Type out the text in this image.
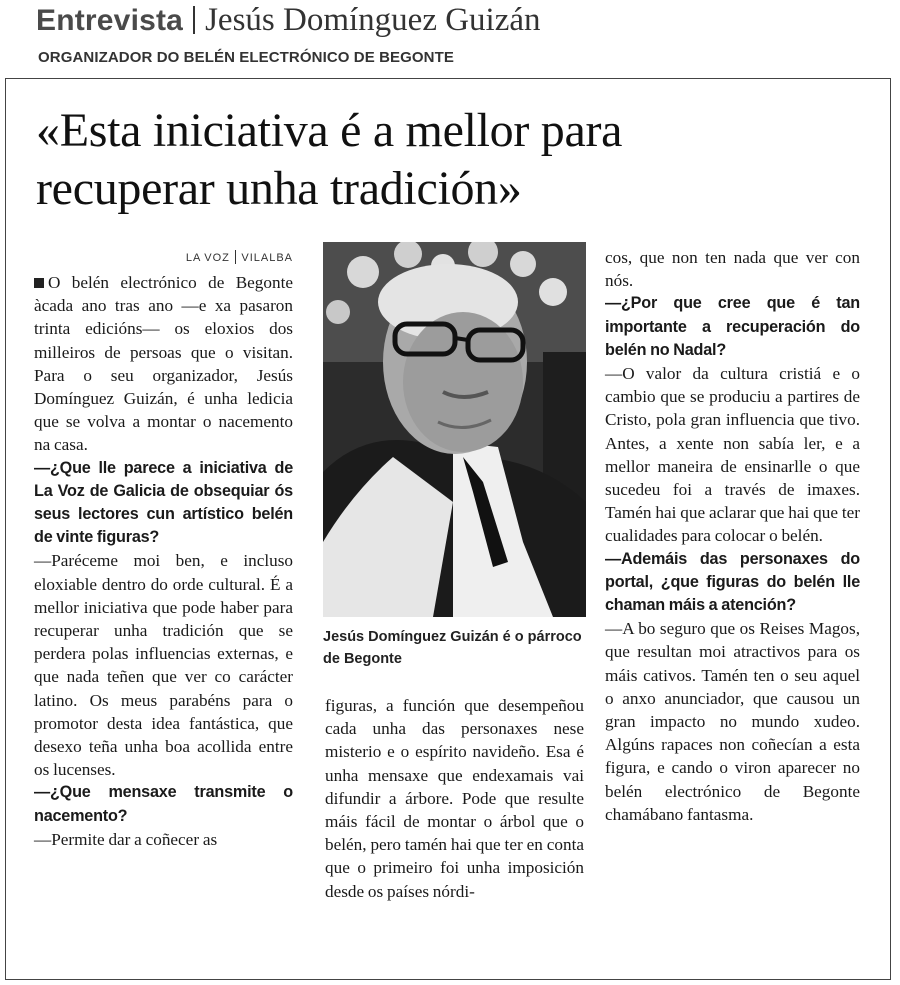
Entrevista Jesús Domínguez Guizán
ORGANIZADOR DO BELÉN ELECTRÓNICO DE BEGONTE
«Esta iniciativa é a mellor para
recuperar unha tradición»

LA VOZ VILALBA

O belén electrónico de Begonte àcada ano tras ano —e xa pasaron trinta edicións— os eloxios dos milleiros de persoas que o visitan. Para o seu organizador, Jesús Domínguez Guizán, é unha ledicia que se volva a montar o nacemento na casa.

—¿Que lle parece a iniciativa de La Voz de Galicia de obsequiar ós seus lectores cun artístico belén de vinte figuras?

—Paréceme moi ben, e incluso eloxiable dentro do orde cultural. É a mellor iniciativa que pode haber para recuperar unha tradición que se perdera polas influencias externas, e que nada teñen que ver co carácter latino. Os meus parabéns para o promotor desta idea fantástica, que desexo teña unha boa acollida entre os lucenses.

—¿Que mensaxe transmite o nacemento?

—Permite dar a coñecer as

Jesús Domínguez Guizán é o párroco de Begonte

figuras, a función que desempeñou cada unha das personaxes nese misterio e o espírito navideño. Esa é unha mensaxe que endexamais vai difundir a árbore. Pode que resulte máis fácil de montar o árbol que o belén, pero tamén hai que ter en conta que o primeiro foi unha imposición desde os países nórdi-

cos, que non ten nada que ver con nós.

—¿Por que cree que é tan importante a recuperación do belén no Nadal?

—O valor da cultura cristiá e o cambio que se produciu a partires de Cristo, pola gran influencia que tivo. Antes, a xente non sabía ler, e a mellor maneira de ensinarlle o que sucedeu foi a través de imaxes. Tamén hai que aclarar que hai que ter cualidades para colocar o belén.

—Ademáis das personaxes do portal, ¿que figuras do belén lle chaman máis a atención?

—A bo seguro que os Reises Magos, que resultan moi atractivos para os máis cativos. Tamén ten o seu aquel o anxo anunciador, que causou un gran impacto no mundo xudeo. Algúns rapaces non coñecían a esta figura, e cando o viron aparecer no belén electrónico de Begonte chamábano fantasma.
